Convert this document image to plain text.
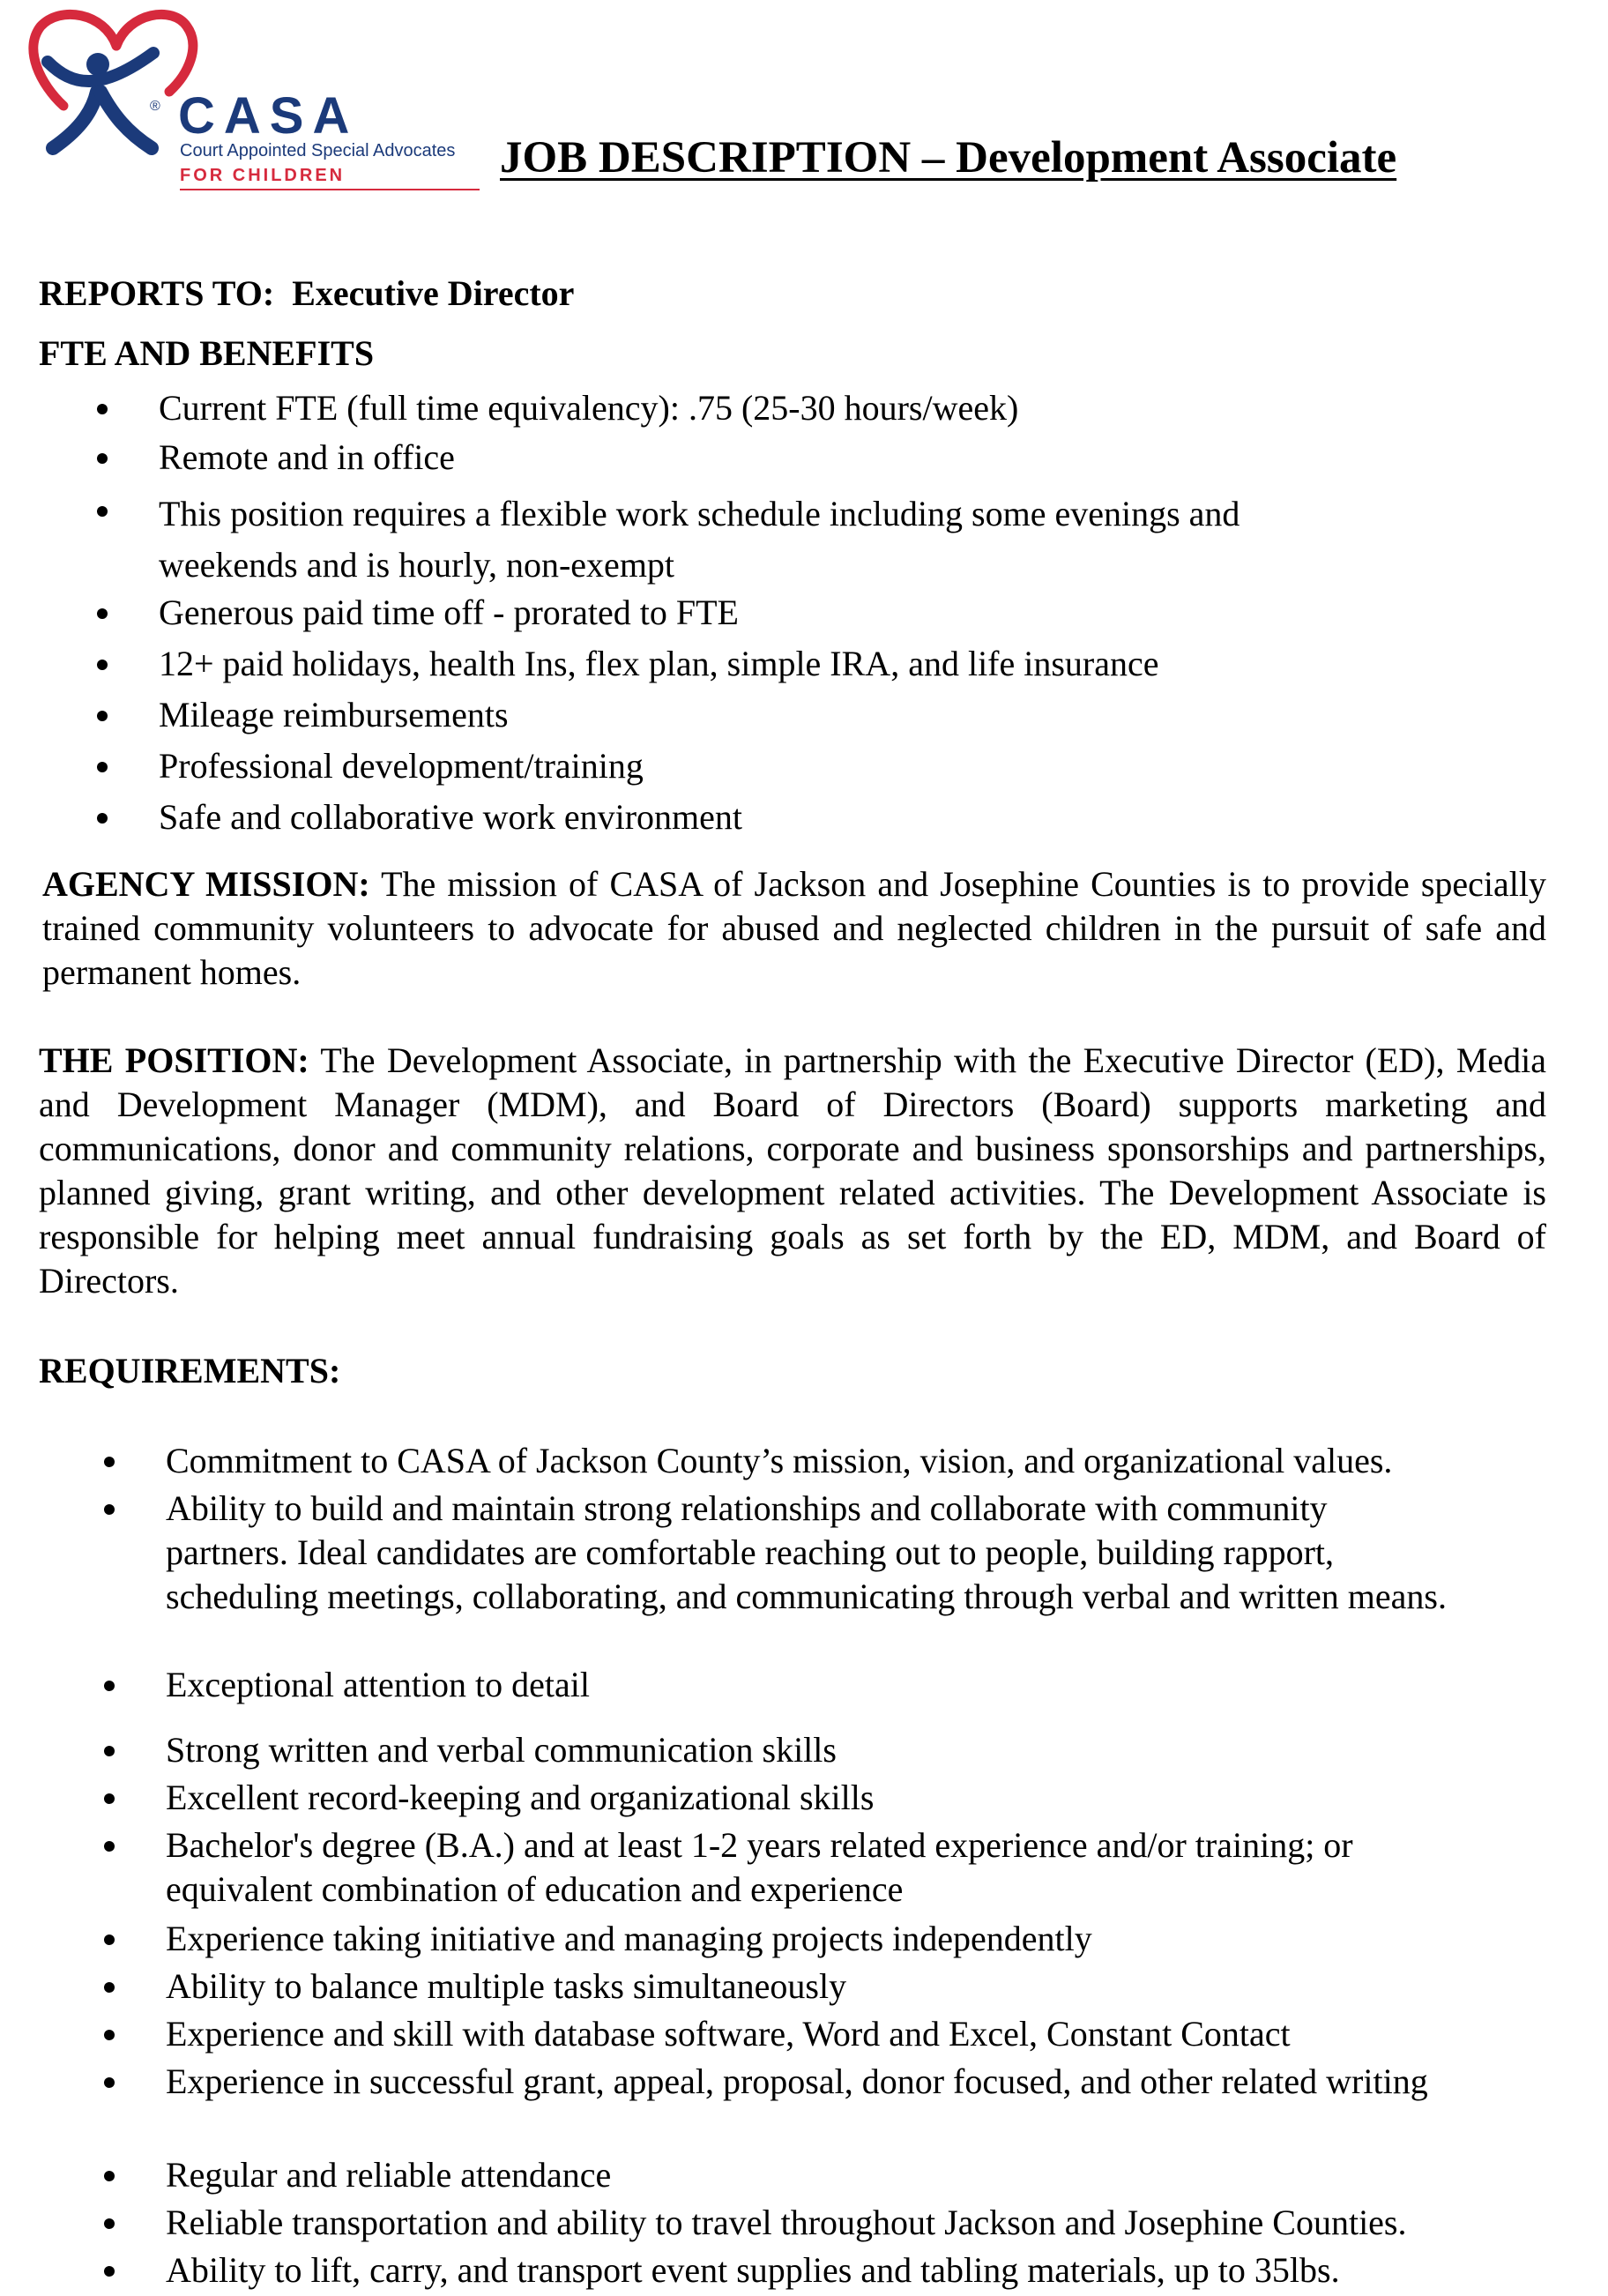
® CASA
Court Appointed Special Advocates
FOR CHILDREN	JOB DESCRIPTION – Development Associate
REPORTS TO: Executive Director
FTE AND BENEFITS
Current FTE (full time equivalency): .75 (25-30 hours/week)
Remote and in office
This position requires a flexible work schedule including some evenings and weekends and is hourly, non-exempt
Generous paid time off - prorated to FTE
12+ paid holidays, health Ins, flex plan, simple IRA, and life insurance
Mileage reimbursements
Professional development/training
Safe and collaborative work environment
AGENCY MISSION: The mission of CASA of Jackson and Josephine Counties is to provide specially trained community volunteers to advocate for abused and neglected children in the pursuit of safe and permanent homes.
THE POSITION: The Development Associate, in partnership with the Executive Director (ED), Media and Development Manager (MDM), and Board of Directors (Board) supports marketing and communications, donor and community relations, corporate and business sponsorships and partnerships, planned giving, grant writing, and other development related activities. The Development Associate is responsible for helping meet annual fundraising goals as set forth by the ED, MDM, and Board of Directors.
REQUIREMENTS:
Commitment to CASA of Jackson County’s mission, vision, and organizational values.
Ability to build and maintain strong relationships and collaborate with community partners. Ideal candidates are comfortable reaching out to people, building rapport, scheduling meetings, collaborating, and communicating through verbal and written means.
Exceptional attention to detail
Strong written and verbal communication skills
Excellent record-keeping and organizational skills
Bachelor's degree (B.A.) and at least 1-2 years related experience and/or training; or equivalent combination of education and experience
Experience taking initiative and managing projects independently
Ability to balance multiple tasks simultaneously
Experience and skill with database software, Word and Excel, Constant Contact
Experience in successful grant, appeal, proposal, donor focused, and other related writing
Regular and reliable attendance
Reliable transportation and ability to travel throughout Jackson and Josephine Counties.
Ability to lift, carry, and transport event supplies and tabling materials, up to 35lbs.
